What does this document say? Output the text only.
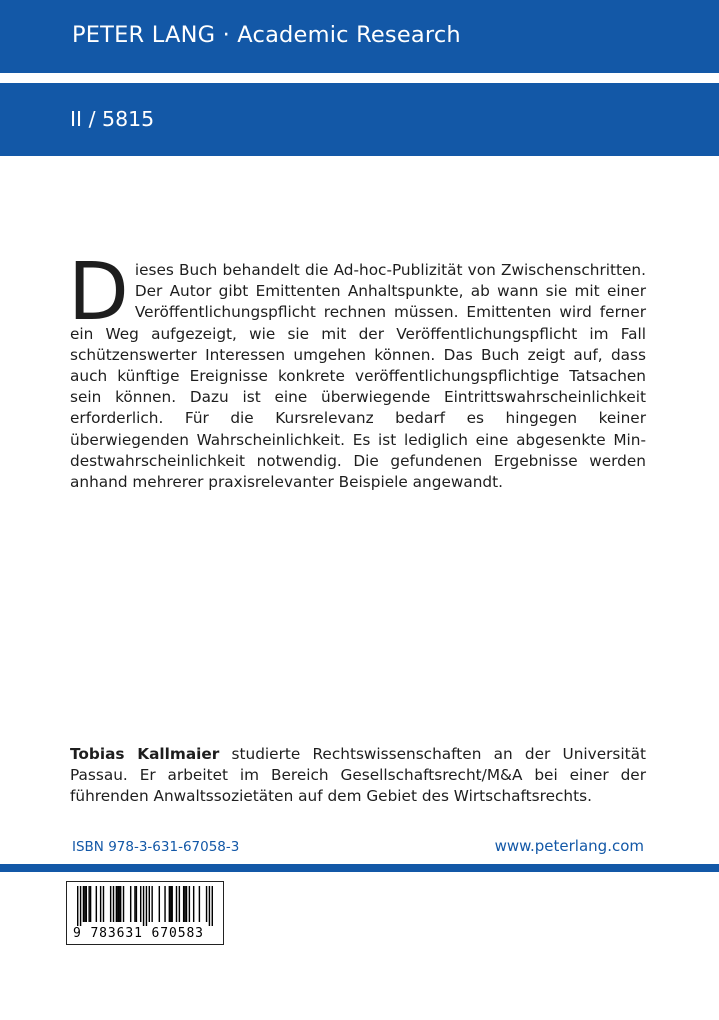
PETER LANG · Academic Research
II / 5815

Dieses Buch behandelt die Ad-hoc-Publizität von Zwischenschritten. Der Autor gibt Emittenten Anhaltspunkte, ab wann sie mit einer Veröffentlichungspflicht rechnen müssen. Emittenten wird ferner ein Weg aufgezeigt, wie sie mit der Veröffentlichungspflicht im Fall schützenswerter Interessen umgehen können. Das Buch zeigt auf, dass auch künftige Ereignisse konkrete veröffentlichungspflichtige Tatsachen sein können. Dazu ist eine überwiegende Eintrittswahrscheinlichkeit erforderlich. Für die Kursrelevanz bedarf es hingegen keiner überwiegenden Wahrscheinlichkeit. Es ist lediglich eine abgesenkte Mindestwahrscheinlichkeit notwendig. Die gefundenen Ergebnisse werden anhand mehrerer praxisrelevanter Beispiele angewandt.

Tobias Kallmaier studierte Rechtswissenschaften an der Universität Passau. Er arbeitet im Bereich Gesellschaftsrecht/M&A bei einer der führenden Anwaltssozietäten auf dem Gebiet des Wirtschaftsrechts.

ISBN 978-3-631-67058-3	www.peterlang.com
9 783631 670583
